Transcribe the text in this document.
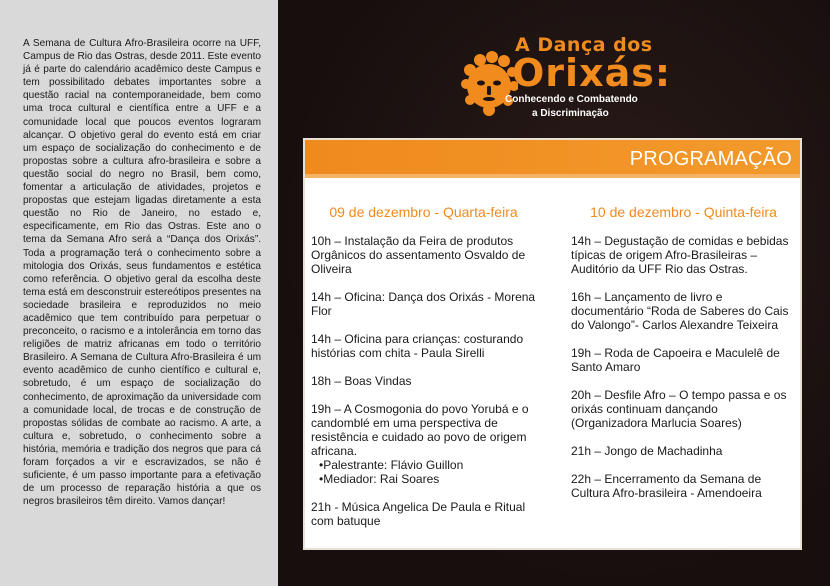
A Semana de Cultura Afro-Brasileira ocorre na UFF, Campus de Rio das Ostras, desde 2011. Este evento já é parte do calendário acadêmico deste Campus e tem possibilitado debates importantes sobre a questão racial na contemporaneidade, bem como uma troca cultural e científica entre a UFF e a comunidade local que poucos eventos lograram alcançar. O objetivo geral do evento está em criar um espaço de socialização do conhecimento e de propostas sobre a cultura afro-brasileira e sobre a questão social do negro no Brasil, bem como, fomentar a articulação de atividades, projetos e propostas que estejam ligadas diretamente a esta questão no Rio de Janeiro, no estado e, especificamente, em Rio das Ostras. Este ano o tema da Semana Afro será a “Dança dos Orixás”. Toda a programação terá o conhecimento sobre a mitologia dos Orixás, seus fundamentos e estética como referência. O objetivo geral da escolha deste tema está em desconstruir estereótipos presentes na sociedade brasileira e reproduzidos no meio acadêmico que tem contribuído para perpetuar o preconceito, o racismo e a intolerância em torno das religiões de matriz africanas em todo o território Brasileiro. A Semana de Cultura Afro-Brasileira é um evento acadêmico de cunho científico e cultural e, sobretudo, é um espaço de socialização do conhecimento, de aproximação da universidade com a comunidade local, de trocas e de construção de propostas sólidas de combate ao racismo. A arte, a cultura e, sobretudo, o conhecimento sobre a história, memória e tradição dos negros que para cá foram forçados a vir e escravizados, se não é suficiente, é um passo importante para a efetivação de um processo de reparação história a que os negros brasileiros têm direito. Vamos dançar!
A Dança dos
Orixás:
Conhecendo e Combatendo
a Discriminação
PROGRAMAÇÃO
09 de dezembro - Quarta-feira
10h – Instalação da Feira de produtos Orgânicos do assentamento Osvaldo de Oliveira
14h – Oficina: Dança dos Orixás - Morena Flor
14h – Oficina para crianças: costurando histórias com chita - Paula Sirelli
18h – Boas Vindas
19h – A Cosmogonia do povo Yorubá e o candomblé em uma perspectiva de resistência e cuidado ao povo de origem africana.
•Palestrante: Flávio Guillon
•Mediador: Rai Soares
21h - Música Angelica De Paula e Ritual com batuque
10 de dezembro - Quinta-feira
14h – Degustação de comidas e bebidas típicas de origem Afro-Brasileiras – Auditório da UFF Rio das Ostras.
16h – Lançamento de livro e documentário “Roda de Saberes do Cais do Valongo”- Carlos Alexandre Teixeira
19h – Roda de Capoeira e Maculelê de Santo Amaro
20h – Desfile Afro – O tempo passa e os orixás continuam dançando (Organizadora Marlucia Soares)
21h – Jongo de Machadinha
22h – Encerramento da Semana de Cultura Afro-brasileira - Amendoeira
